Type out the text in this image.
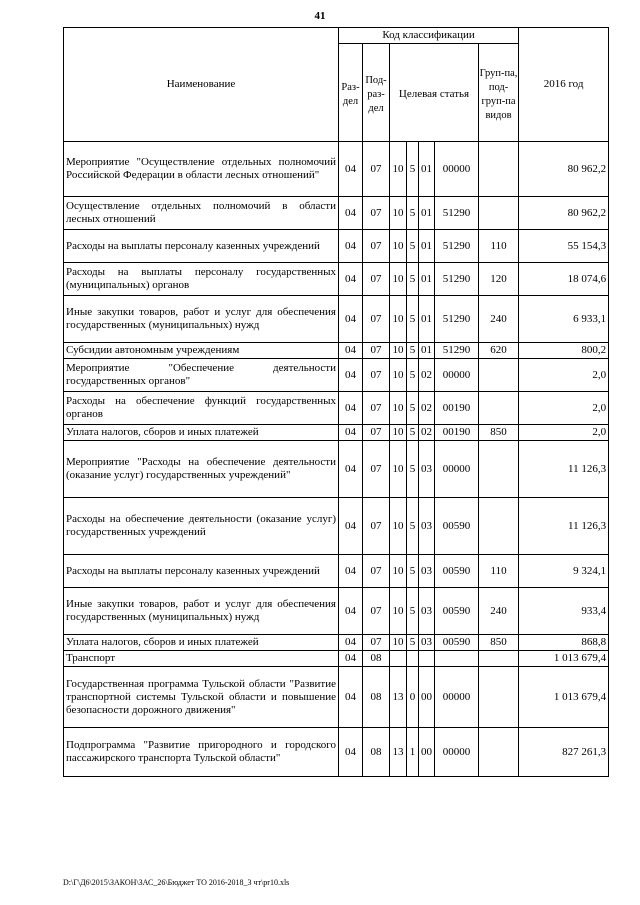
41
Наименование	Код классификации							2016 год
	Раз-дел	Под-раз-дел	Целевая статья				Груп-па, под-груп-па видов	
Мероприятие "Осуществление отдельных полномочий Российской Федерации в области лесных отношений"	04	07	10	5	01	00000		80 962,2
Осуществление отдельных полномочий в области лесных отношений	04	07	10	5	01	51290		80 962,2
Расходы на выплаты персоналу казенных учреждений	04	07	10	5	01	51290	110	55 154,3
Расходы на выплаты персоналу государственных (муниципальных) органов	04	07	10	5	01	51290	120	18 074,6
Иные закупки товаров, работ и услуг для обеспечения государственных (муниципальных) нужд	04	07	10	5	01	51290	240	6 933,1
Субсидии автономным учреждениям	04	07	10	5	01	51290	620	800,2
Мероприятие "Обеспечение деятельности государственных органов"	04	07	10	5	02	00000		2,0
Расходы на обеспечение функций государственных органов	04	07	10	5	02	00190		2,0
Уплата налогов, сборов и иных платежей	04	07	10	5	02	00190	850	2,0
Мероприятие "Расходы на обеспечение деятельности (оказание услуг) государственных учреждений"	04	07	10	5	03	00000		11 126,3
Расходы на обеспечение деятельности (оказание услуг) государственных учреждений	04	07	10	5	03	00590		11 126,3
Расходы на выплаты персоналу казенных учреждений	04	07	10	5	03	00590	110	9 324,1
Иные закупки товаров, работ и услуг для обеспечения государственных (муниципальных) нужд	04	07	10	5	03	00590	240	933,4
Уплата налогов, сборов и иных платежей	04	07	10	5	03	00590	850	868,8
Транспорт	04	08						1 013 679,4
Государственная программа Тульской области "Развитие транспортной системы Тульской области и повышение безопасности дорожного движения"	04	08	13	0	00	00000		1 013 679,4
Подпрограмма "Развитие пригородного и городского пассажирского транспорта Тульской области"	04	08	13	1	00	00000		827 261,3
D:\Г\Д6\2015\ЗАКОН\ЗАС_26\Бюджет ТО 2016-2018_3 чт\pr10.xls
